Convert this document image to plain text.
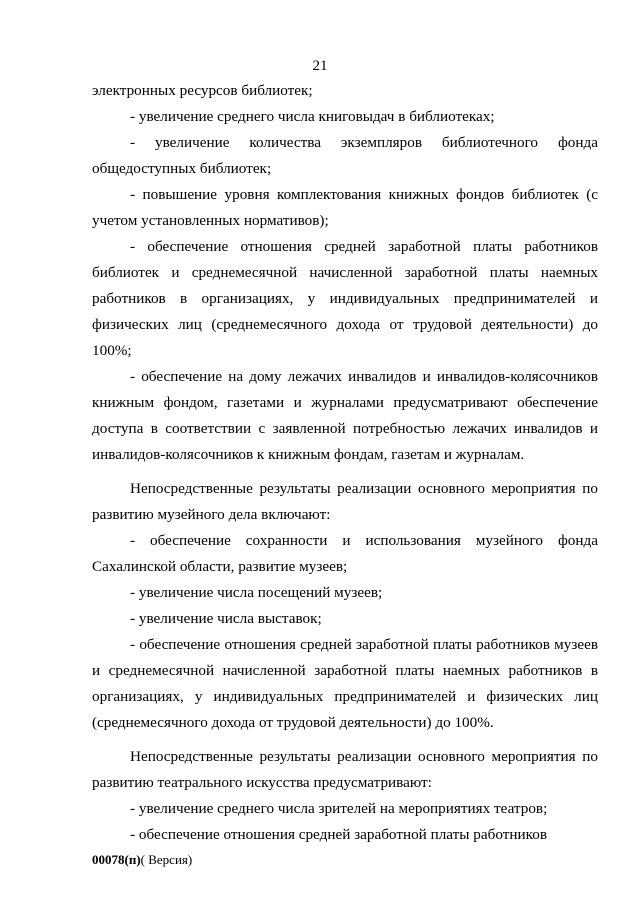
21

электронных ресурсов библиотек;

- увеличение среднего числа книговыдач в библиотеках;

- увеличение количества экземпляров библиотечного фонда общедоступных библиотек;

- повышение уровня комплектования книжных фондов библиотек (с учетом установленных нормативов);

- обеспечение отношения средней заработной платы работников библиотек и среднемесячной начисленной заработной платы наемных работников в организациях, у индивидуальных предпринимателей и физических лиц (среднемесячного дохода от трудовой деятельности) до 100%;

- обеспечение на дому лежачих инвалидов и инвалидов-колясочников книжным фондом, газетами и журналами предусматривают обеспечение доступа в соответствии с заявленной потребностью лежачих инвалидов и инвалидов-колясочников к книжным фондам, газетам и журналам.

Непосредственные результаты реализации основного мероприятия по развитию музейного дела включают:

- обеспечение сохранности и использования музейного фонда Сахалинской области, развитие музеев;

- увеличение числа посещений музеев;

- увеличение числа выставок;

- обеспечение отношения средней заработной платы работников музеев и среднемесячной начисленной заработной платы наемных работников в организациях, у индивидуальных предпринимателей и физических лиц (среднемесячного дохода от трудовой деятельности) до 100%.

Непосредственные результаты реализации основного мероприятия по развитию театрального искусства предусматривают:

- увеличение среднего числа зрителей на мероприятиях театров;

- обеспечение отношения средней заработной платы работников

00078(п)( Версия)
